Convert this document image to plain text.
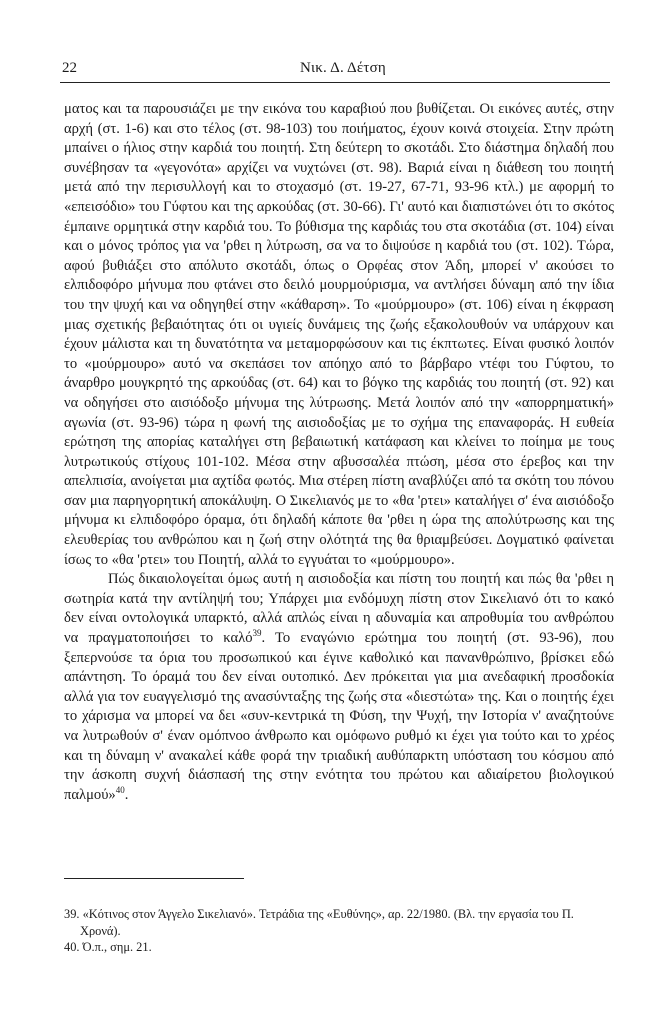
22	Νικ. Δ. Δέτση

ματος και τα παρουσιάζει με την εικόνα του καραβιού που βυθίζεται. Οι εικόνες αυτές, στην αρχή (στ. 1-6) και στο τέλος (στ. 98-103) του ποιήματος, έχουν κοινά στοιχεία. Στην πρώτη μπαίνει ο ήλιος στην καρδιά του ποιητή. Στη δεύτερη το σκοτάδι. Στο διάστημα δηλαδή που συνέβησαν τα «γεγονότα» αρχίζει να νυχτώνει (στ. 98). Βαριά είναι η διάθεση του ποιητή μετά από την περισυλλογή και το στοχασμό (στ. 19-27, 67-71, 93-96 κτλ.) με αφορμή το «επεισόδιο» του Γύφτου και της αρκούδας (στ. 30-66). Γι' αυτό και διαπιστώνει ότι το σκότος έμπαινε ορμητικά στην καρδιά του. Το βύθισμα της καρδιάς του στα σκοτάδια (στ. 104) είναι και ο μόνος τρόπος για να 'ρθει η λύτρωση, σα να το διψούσε η καρδιά του (στ. 102). Τώρα, αφού βυθιάξει στο απόλυτο σκοτάδι, όπως ο Ορφέας στον Άδη, μπορεί ν' ακούσει το ελπιδοφόρο μήνυμα που φτάνει στο δειλό μουρμούρισμα, να αντλήσει δύναμη από την ίδια του την ψυχή και να οδηγηθεί στην «κάθαρση». Το «μούρμουρο» (στ. 106) είναι η έκφραση μιας σχετικής βεβαιότητας ότι οι υγιείς δυνάμεις της ζωής εξακολουθούν να υπάρχουν και έχουν μάλιστα και τη δυνατότητα να μεταμορφώσουν και τις έκπτωτες. Είναι φυσικό λοιπόν το «μούρμουρο» αυτό να σκεπάσει τον απόηχο από το βάρβαρο ντέφι του Γύφτου, το άναρθρο μουγκρητό της αρκούδας (στ. 64) και το βόγκο της καρδιάς του ποιητή (στ. 92) και να οδηγήσει στο αισιόδοξο μήνυμα της λύτρωσης. Μετά λοιπόν από την «απορρηματική» αγωνία (στ. 93-96) τώρα η φωνή της αισιοδοξίας με το σχήμα της επαναφοράς. Η ευθεία ερώτηση της απορίας καταλήγει στη βεβαιωτική κατάφαση και κλείνει το ποίημα με τους λυτρωτικούς στίχους 101-102. Μέσα στην αβυσσαλέα πτώση, μέσα στο έρεβος και την απελπισία, ανοίγεται μια αχτίδα φωτός. Μια στέρεη πίστη αναβλύζει από τα σκότη του πόνου σαν μια παρηγορητική αποκάλυψη. Ο Σικελιανός με το «θα 'ρτει» καταλήγει σ' ένα αισιόδοξο μήνυμα κι ελπιδοφόρο όραμα, ότι δηλαδή κάποτε θα 'ρθει η ώρα της απολύτρωσης και της ελευθερίας του ανθρώπου και η ζωή στην ολότητά της θα θριαμβεύσει. Δογματικό φαίνεται ίσως το «θα 'ρτει» του Ποιητή, αλλά το εγγυάται το «μούρμουρο».

Πώς δικαιολογείται όμως αυτή η αισιοδοξία και πίστη του ποιητή και πώς θα 'ρθει η σωτηρία κατά την αντίληψή του; Υπάρχει μια ενδόμυχη πίστη στον Σικελιανό ότι το κακό δεν είναι οντολογικά υπαρκτό, αλλά απλώς είναι η αδυναμία και απροθυμία του ανθρώπου να πραγματοποιήσει το καλό$^{39}$. Το εναγώνιο ερώτημα του ποιητή (στ. 93-96), που ξεπερνούσε τα όρια του προσωπικού και έγινε καθολικό και πανανθρώπινο, βρίσκει εδώ απάντηση. Το όραμά του δεν είναι ουτοπικό. Δεν πρόκειται για μια ανεδαφική προσδοκία αλλά για τον ευαγγελισμό της ανασύνταξης της ζωής στα «διεστώτα» της. Και ο ποιητής έχει το χάρισμα να μπορεί να δει «συν-κεντρικά τη Φύση, την Ψυχή, την Ιστορία ν' αναζητούνε να λυτρωθούν σ' έναν ομόπνοο άνθρωπο και ομόφωνο ρυθμό κι έχει για τούτο και το χρέος και τη δύναμη ν' ανακαλεί κάθε φορά την τριαδική αυθύπαρκτη υπόσταση του κόσμου από την άσκοπη συχνή διάσπασή της στην ενότητα του πρώτου και αδιαίρετου βιολογικού παλμού»$^{40}$.

39. «Κότινος στον Άγγελο Σικελιανό». Τετράδια της «Ευθύνης», αρ. 22/1980. (Βλ. την εργασία του Π. Χρονά).

40. Ό.π., σημ. 21.
